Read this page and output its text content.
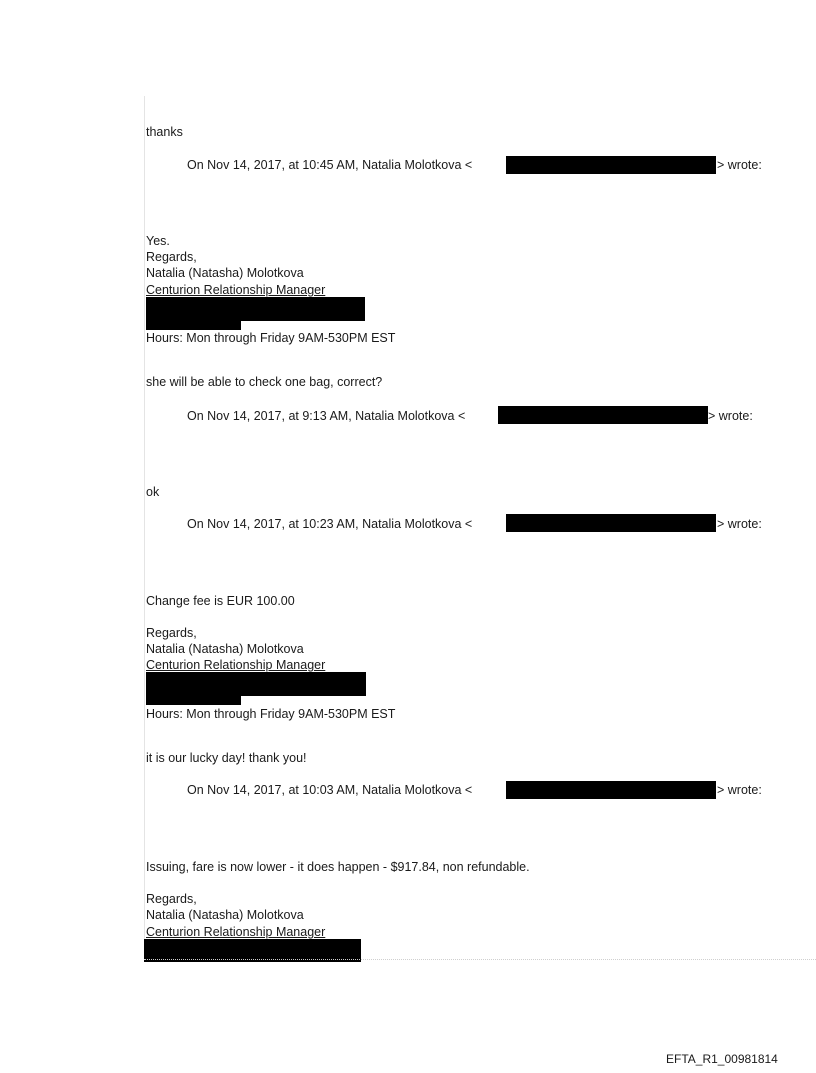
thanks
On Nov 14, 2017, at 10:45 AM, Natalia Molotkova <	> wrote:
Yes.
Regards,
Natalia (Natasha) Molotkova
Centurion Relationship Manager
Hours: Mon through Friday 9AM-530PM EST
she will be able to check one bag, correct?
On Nov 14, 2017, at 9:13 AM, Natalia Molotkova <	> wrote:
ok
On Nov 14, 2017, at 10:23 AM, Natalia Molotkova <	> wrote:
Change fee is EUR 100.00
Regards,
Natalia (Natasha) Molotkova
Centurion Relationship Manager
Hours: Mon through Friday 9AM-530PM EST
it is our lucky day! thank you!
On Nov 14, 2017, at 10:03 AM, Natalia Molotkova <	> wrote:
Issuing, fare is now lower - it does happen - $917.84, non refundable.
Regards,
Natalia (Natasha) Molotkova
Centurion Relationship Manager
EFTA_R1_00981814
